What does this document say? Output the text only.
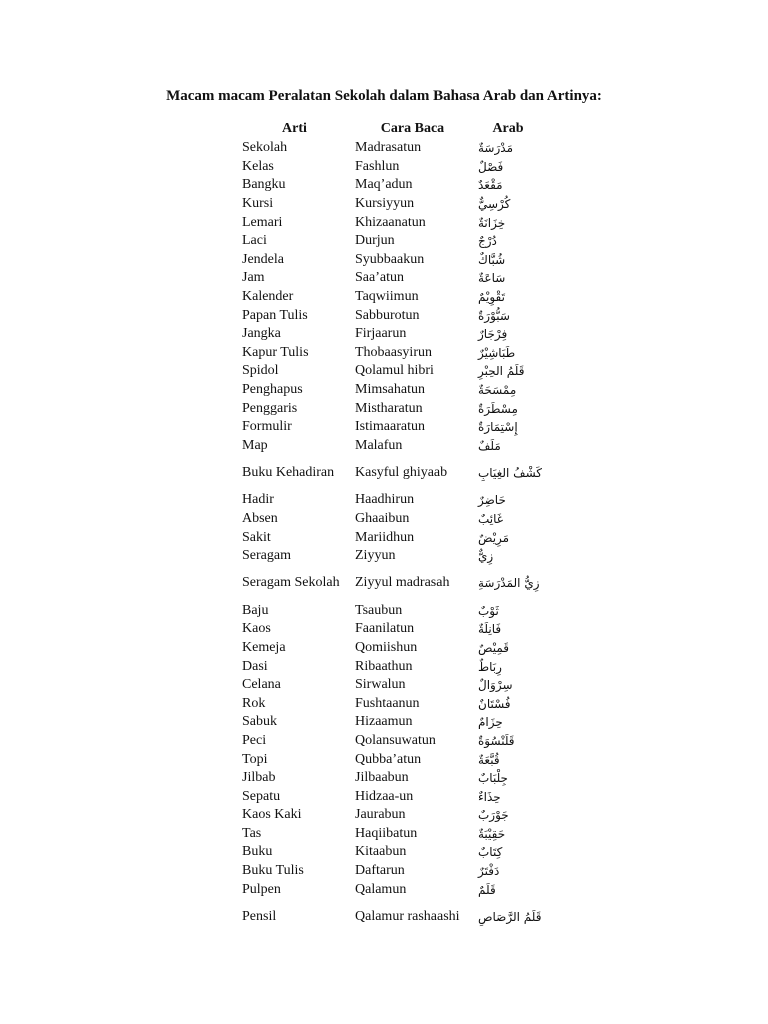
Macam macam Peralatan Sekolah dalam Bahasa Arab dan Artinya:
Arti	Cara Baca	Arab
Sekolah	Madrasatun	مَدْرَسَةٌ
Kelas	Fashlun	فَصْلٌ
Bangku	Maq’adun	مَقْعَدٌ
Kursi	Kursiyyun	كُرْسِيٌّ
Lemari	Khizaanatun	خِزَانَةٌ
Laci	Durjun	دُرْجٌ
Jendela	Syubbaakun	شُبَّاكٌ
Jam	Saa’atun	سَاعَةٌ
Kalender	Taqwiimun	تَقْوِيْمٌ
Papan Tulis	Sabburotun	سَبُّوْرَةٌ
Jangka	Firjaarun	فِرْجَارٌ
Kapur Tulis	Thobaasyirun	طَبَاشِيْرٌ
Spidol	Qolamul hibri	قَلَمُ الحِبْرِ
Penghapus	Mimsahatun	مِمْسَحَةٌ
Penggaris	Mistharatun	مِسْطَرَةٌ
Formulir	Istimaaratun	إِسْتِمَارَةٌ
Map	Malafun	مَلَفٌ
Buku Kehadiran	Kasyful ghiyaab	كَشْفُ الغِيَابِ
Hadir	Haadhirun	حَاضِرٌ
Absen	Ghaaibun	غَائِبٌ
Sakit	Mariidhun	مَرِيْضٌ
Seragam	Ziyyun	زِيٌّ
Seragam Sekolah	Ziyyul madrasah	زِيُّ المَدْرَسَةِ
Baju	Tsaubun	ثَوْبٌ
Kaos	Faanilatun	فَانِلَةٌ
Kemeja	Qomiishun	قَمِيْصٌ
Dasi	Ribaathun	رِبَاطٌ
Celana	Sirwalun	سِرْوَالٌ
Rok	Fushtaanun	فُسْتَانٌ
Sabuk	Hizaamun	حِزَامٌ
Peci	Qolansuwatun	قَلَنْسُوَةٌ
Topi	Qubba’atun	قُبَّعَةٌ
Jilbab	Jilbaabun	جِلْبَابٌ
Sepatu	Hidzaa-un	حِذَاءٌ
Kaos Kaki	Jaurabun	جَوْرَبٌ
Tas	Haqiibatun	حَقِيْبَةٌ
Buku	Kitaabun	كِتَابٌ
Buku Tulis	Daftarun	دَفْتَرٌ
Pulpen	Qalamun	قَلَمٌ
Pensil	Qalamur rashaashi	قَلَمُ الرَّصَاصِ
